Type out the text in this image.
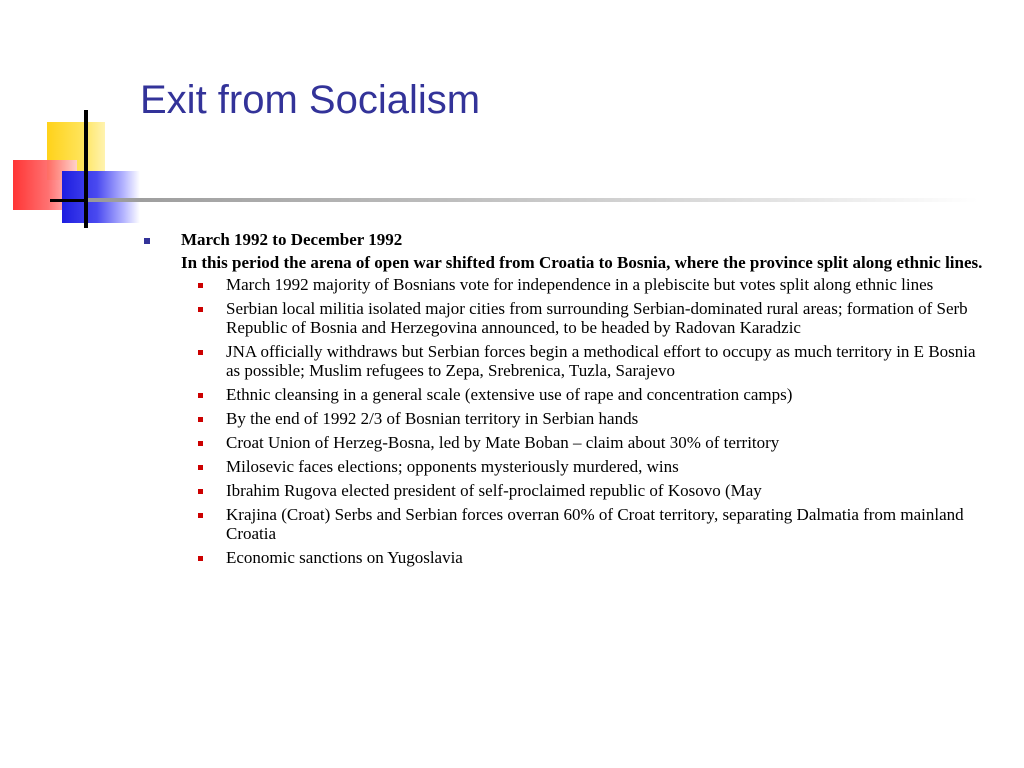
Exit from Socialism
March 1992 to December 1992
In this period the arena of open war shifted from Croatia to Bosnia, where the province split along ethnic lines.
March 1992 majority of Bosnians vote for independence in a plebiscite but votes split along ethnic lines
Serbian local militia isolated major cities from surrounding Serbian-dominated rural areas; formation of Serb Republic of Bosnia and Herzegovina announced, to be headed by Radovan Karadzic
JNA officially withdraws but Serbian forces begin a methodical effort to occupy as much territory in E Bosnia as possible; Muslim refugees to Zepa, Srebrenica, Tuzla, Sarajevo
Ethnic cleansing in a general scale (extensive use of rape and concentration camps)
By the end of 1992 2/3 of Bosnian territory in Serbian hands
Croat Union of Herzeg-Bosna, led by Mate Boban – claim about 30% of territory
Milosevic faces elections; opponents mysteriously murdered, wins
Ibrahim Rugova elected president of self-proclaimed republic of Kosovo (May
Krajina (Croat) Serbs and Serbian forces overran 60% of Croat territory, separating Dalmatia from mainland Croatia
Economic sanctions on Yugoslavia
